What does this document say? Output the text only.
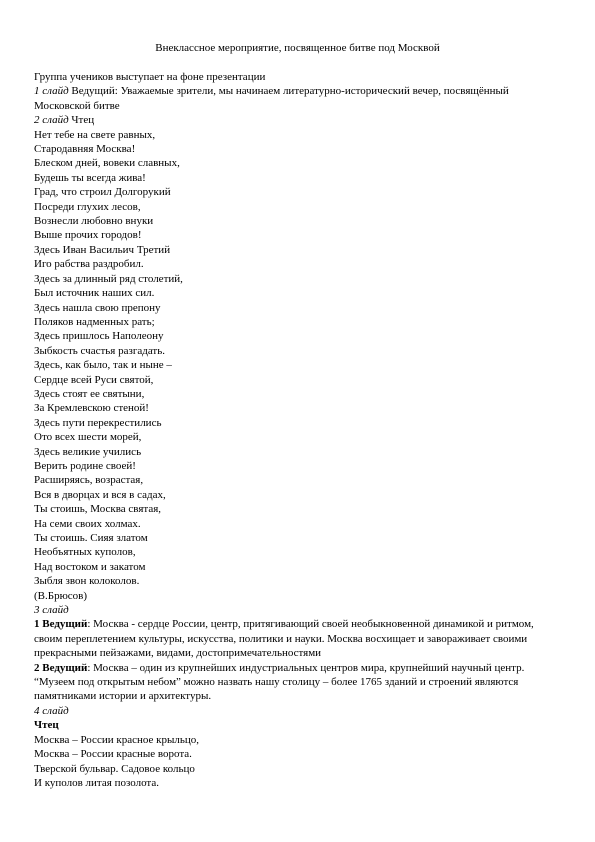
Внеклассное мероприятие, посвященное битве под Москвой
Группа учеников выступает на фоне презентации
1 слайд Ведущий: Уважаемые зрители, мы начинаем литературно-исторический вечер, посвящённый
Московской битве
2 слайд Чтец
Нет тебе на свете равных,
Стародавняя Москва!
Блеском дней, вовеки славных,
Будешь ты всегда жива!
Град, что строил Долгорукий
Посреди глухих лесов,
Вознесли любовно внуки
Выше прочих городов!
Здесь Иван Васильич Третий
Иго рабства раздробил.
Здесь за длинный ряд столетий,
Был источник наших сил.
Здесь нашла свою препону
Поляков надменных рать;
Здесь пришлось Наполеону
Зыбкость счастья разгадать.
Здесь, как было, так и ныне –
Сердце всей Руси святой,
Здесь стоят ее святыни,
За Кремлевскою стеной!
Здесь пути перекрестились
Ото всех шести морей,
Здесь великие учились
Верить родине своей!
Расширяясь, возрастая,
Вся в дворцах и вся в садах,
Ты стоишь, Москва святая,
На семи своих холмах.
Ты стоишь. Сияя златом
Необъятных куполов,
Над востоком и закатом
Зыбля звон колоколов.
(В.Брюсов)
3 слайд
1 Ведущий: Москва - сердце России, центр, притягивающий своей необыкновенной динамикой и ритмом, своим переплетением культуры, искусства, политики и науки. Москва восхищает и завораживает своими прекрасными пейзажами, видами, достопримечательностями
2 Ведущий: Москва – один из крупнейших индустриальных центров мира, крупнейший научный центр. “Музеем под открытым небом” можно назвать нашу столицу – более 1765 зданий и строений являются памятниками истории и архитектуры.
4 слайд
Чтец
Москва – России красное крыльцо,
Москва – России красные ворота.
Тверской бульвар. Садовое кольцо
И куполов литая позолота.
